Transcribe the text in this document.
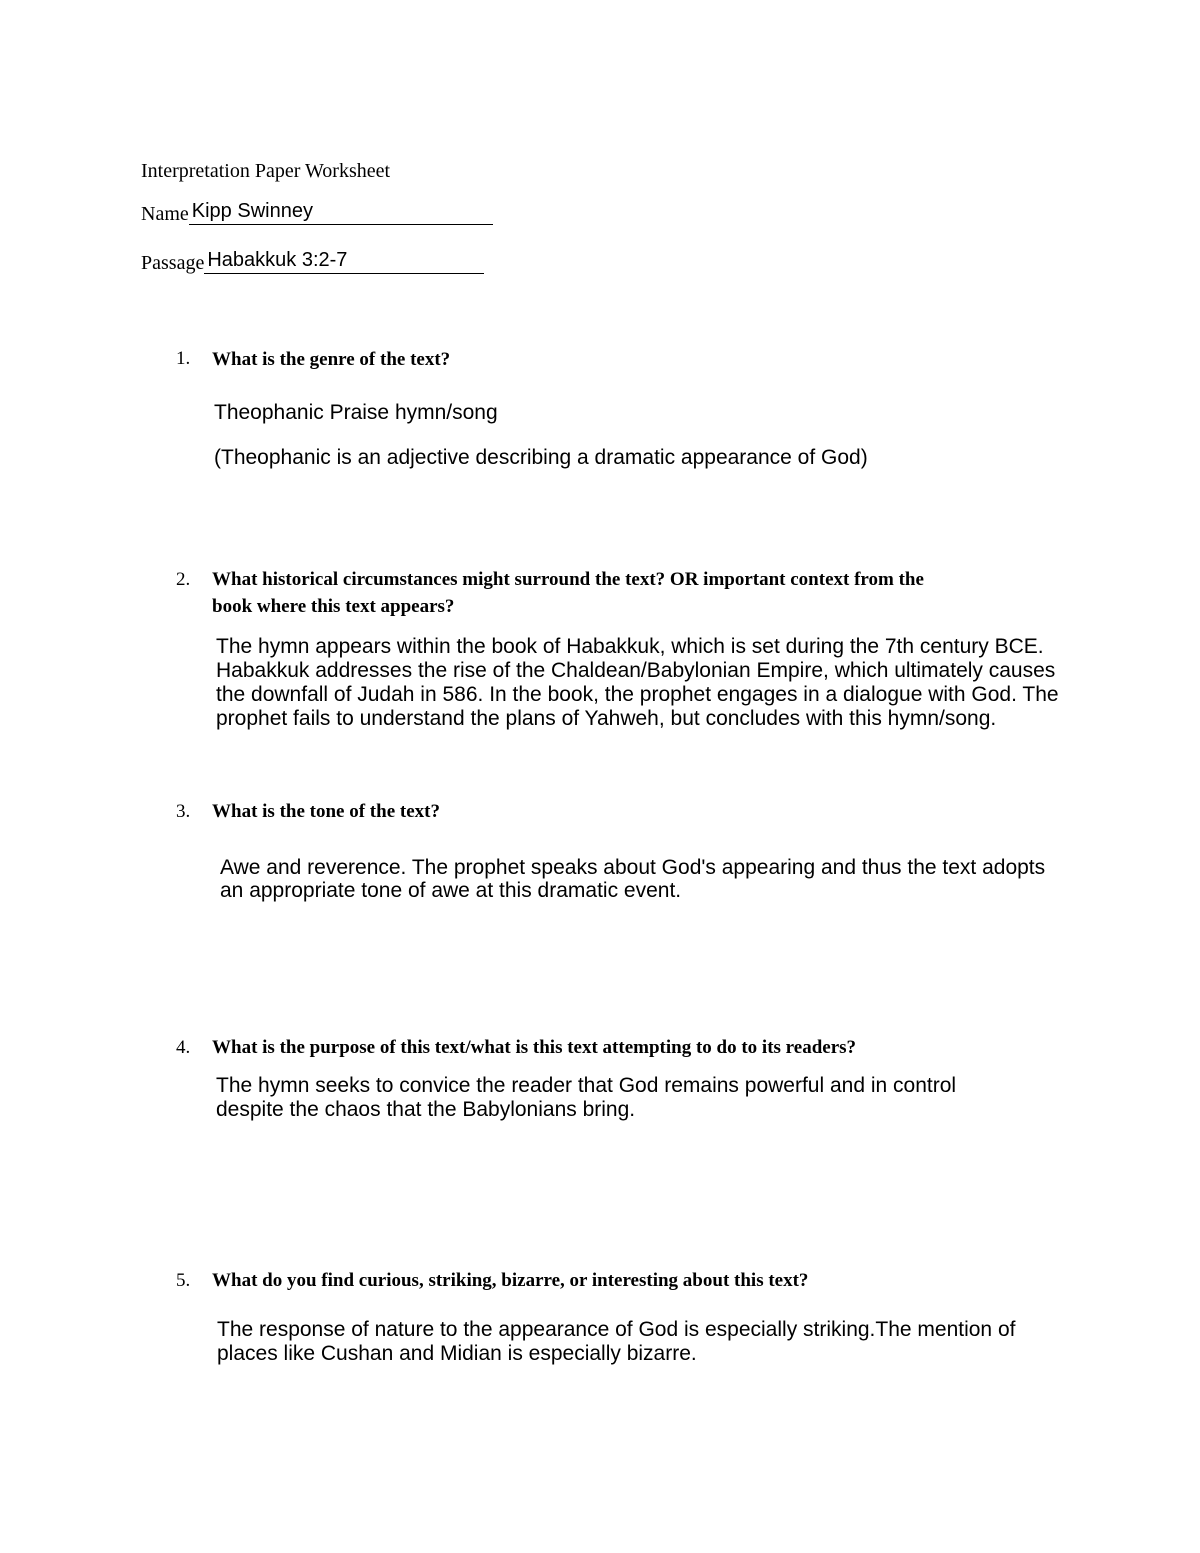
Interpretation Paper Worksheet
Name Kipp Swinney
Passage Habakkuk 3:2-7
1. What is the genre of the text?
Theophanic Praise hymn/song
(Theophanic is an adjective describing a dramatic appearance of God)
2. What historical circumstances might surround the text? OR important context from the
book where this text appears?
The hymn appears within the book of Habakkuk, which is set during the 7th century BCE.
Habakkuk addresses the rise of the Chaldean/Babylonian Empire, which ultimately causes
the downfall of Judah in 586. In the book, the prophet engages in a dialogue with God. The
prophet fails to understand the plans of Yahweh, but concludes with this hymn/song.
3. What is the tone of the text?
Awe and reverence. The prophet speaks about God's appearing and thus the text adopts
an appropriate tone of awe at this dramatic event.
4. What is the purpose of this text/what is this text attempting to do to its readers?
The hymn seeks to convice the reader that God remains powerful and in control
despite the chaos that the Babylonians bring.
5. What do you find curious, striking, bizarre, or interesting about this text?
The response of nature to the appearance of God is especially striking.The mention of
places like Cushan and Midian is especially bizarre.
